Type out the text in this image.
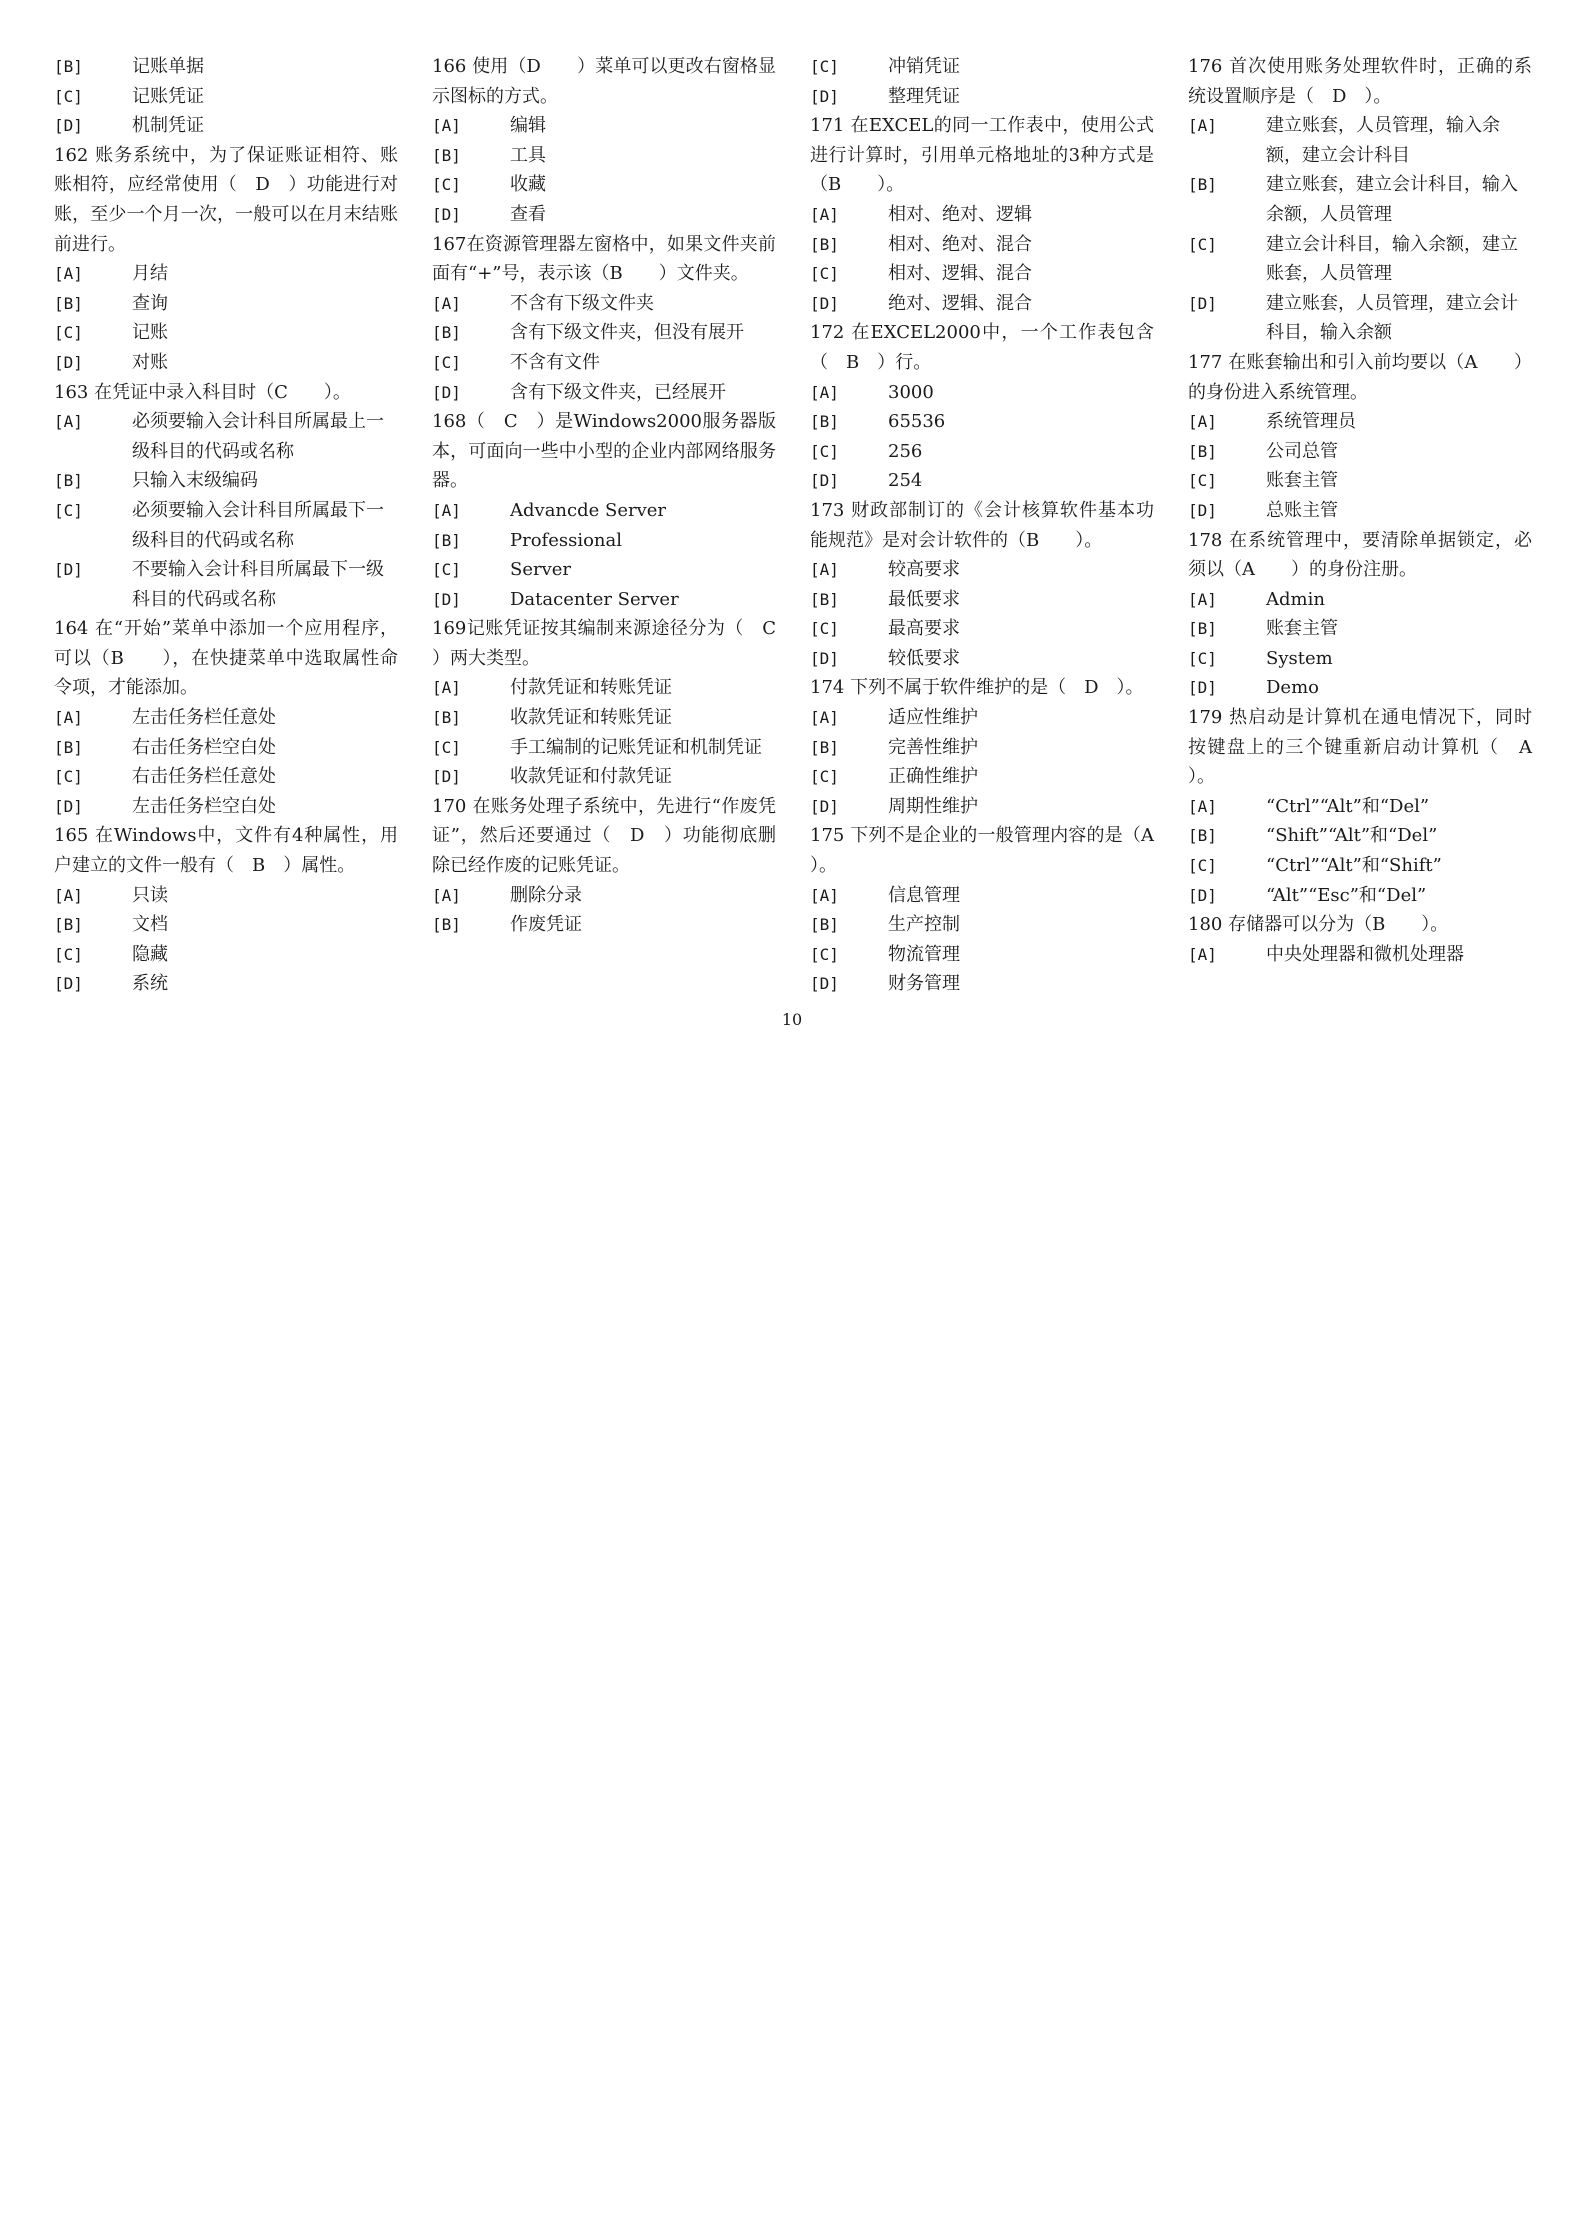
[B]	记账单据
[C]	记账凭证
[D]	机制凭证
162 账务系统中，为了保证账证相符、账账相符，应经常使用（　D　）功能进行对账，至少一个月一次，一般可以在月末结账前进行。
[A]	月结
[B]	查询
[C]	记账
[D]	对账
163 在凭证中录入科目时（C　　）。
[A]	必须要输入会计科目所属最上一级科目的代码或名称
[B]	只输入末级编码
[C]	必须要输入会计科目所属最下一级科目的代码或名称
[D]	不要输入会计科目所属最下一级科目的代码或名称
164 在“开始”菜单中添加一个应用程序，可以（B　　），在快捷菜单中选取属性命令项，才能添加。
[A]	左击任务栏任意处
[B]	右击任务栏空白处
[C]	右击任务栏任意处
[D]	左击任务栏空白处
165 在Windows中，文件有4种属性，用户建立的文件一般有（　B　）属性。
[A]	只读
[B]	文档
[C]	隐藏
[D]	系统
166 使用（D　　）菜单可以更改右窗格显示图标的方式。
[A]	编辑
[B]	工具
[C]	收藏
[D]	查看
167在资源管理器左窗格中，如果文件夹前面有“+”号，表示该（B　　）文件夹。
[A]	不含有下级文件夹
[B]	含有下级文件夹，但没有展开
[C]	不含有文件
[D]	含有下级文件夹，已经展开
168（　C　）是Windows2000服务器版本，可面向一些中小型的企业内部网络服务器。
[A]	Advancde Server
[B]	Professional
[C]	Server
[D]	Datacenter Server
169记账凭证按其编制来源途径分为（　C　　）两大类型。
[A]	付款凭证和转账凭证
[B]	收款凭证和转账凭证
[C]	手工编制的记账凭证和机制凭证
[D]	收款凭证和付款凭证
170 在账务处理子系统中，先进行“作废凭证”，然后还要通过（　D　）功能彻底删除已经作废的记账凭证。
[A]	删除分录
[B]	作废凭证
[C]	冲销凭证
[D]	整理凭证
171 在EXCEL的同一工作表中，使用公式进行计算时，引用单元格地址的3种方式是（B　　）。
[A]	相对、绝对、逻辑
[B]	相对、绝对、混合
[C]	相对、逻辑、混合
[D]	绝对、逻辑、混合
172 在EXCEL2000中，一个工作表包含（　B　）行。
[A]	3000
[B]	65536
[C]	256
[D]	254
173 财政部制订的《会计核算软件基本功能规范》是对会计软件的（B　　）。
[A]	较高要求
[B]	最低要求
[C]	最高要求
[D]	较低要求
174 下列不属于软件维护的是（　D　）。
[A]	适应性维护
[B]	完善性维护
[C]	正确性维护
[D]	周期性维护
175 下列不是企业的一般管理内容的是（A　　）。
[A]	信息管理
[B]	生产控制
[C]	物流管理
[D]	财务管理
176 首次使用账务处理软件时，正确的系统设置顺序是（　D　）。
[A]	建立账套，人员管理，输入余额，建立会计科目
[B]	建立账套，建立会计科目，输入余额，人员管理
[C]	建立会计科目，输入余额，建立账套，人员管理
[D]	建立账套，人员管理，建立会计科目，输入余额
177 在账套输出和引入前均要以（A　　）的身份进入系统管理。
[A]	系统管理员
[B]	公司总管
[C]	账套主管
[D]	总账主管
178 在系统管理中，要清除单据锁定，必须以（A　　）的身份注册。
[A]	Admin
[B]	账套主管
[C]	System
[D]	Demo
179 热启动是计算机在通电情况下，同时按键盘上的三个键重新启动计算机（　A　）。
[A]	“Ctrl”“Alt”和“Del”
[B]	“Shift”“Alt”和“Del”
[C]	“Ctrl”“Alt”和“Shift”
[D]	“Alt”“Esc”和“Del”
180 存储器可以分为（B　　）。
[A]	中央处理器和微机处理器
10
